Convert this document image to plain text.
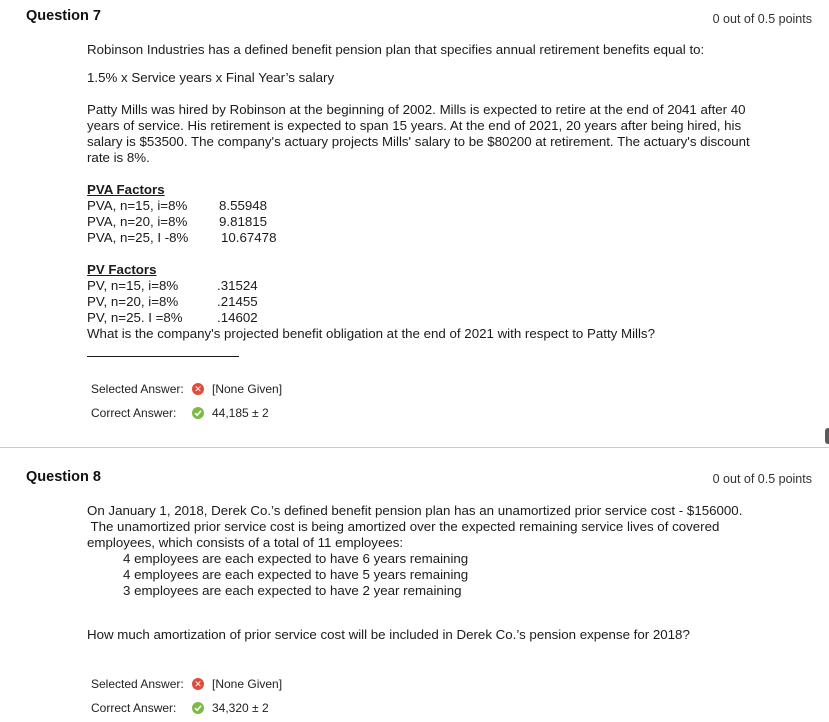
Question 7	0 out of 0.5 points
Robinson Industries has a defined benefit pension plan that specifies annual retirement benefits equal to:
1.5% x Service years x Final Year’s salary
Patty Mills was hired by Robinson at the beginning of 2002. Mills is expected to retire at the end of 2041 after 40
years of service. His retirement is expected to span 15 years. At the end of 2021, 20 years after being hired, his
salary is $53500. The company's actuary projects Mills' salary to be $80200 at retirement. The actuary's discount
rate is 8%.
PVA Factors
PVA, n=15, i=8%	8.55948
PVA, n=20, i=8%	9.81815
PVA, n=25, I -8%	10.67478
PV Factors
PV, n=15, i=8%	.31524
PV, n=20, i=8%	.21455
PV, n=25. I =8%	.14602
What is the company's projected benefit obligation at the end of 2021 with respect to Patty Mills?
Selected Answer:	✕ [None Given]
Correct Answer:	44,185 ± 2
Question 8	0 out of 0.5 points
On January 1, 2018, Derek Co.’s defined benefit pension plan has an unamortized prior service cost - $156000.
The unamortized prior service cost is being amortized over the expected remaining service lives of covered
employees, which consists of a total of 11 employees:
4 employees are each expected to have 6 years remaining
4 employees are each expected to have 5 years remaining
3 employees are each expected to have 2 year remaining
How much amortization of prior service cost will be included in Derek Co.’s pension expense for 2018?
Selected Answer:	✕ [None Given]
Correct Answer:	34,320 ± 2
